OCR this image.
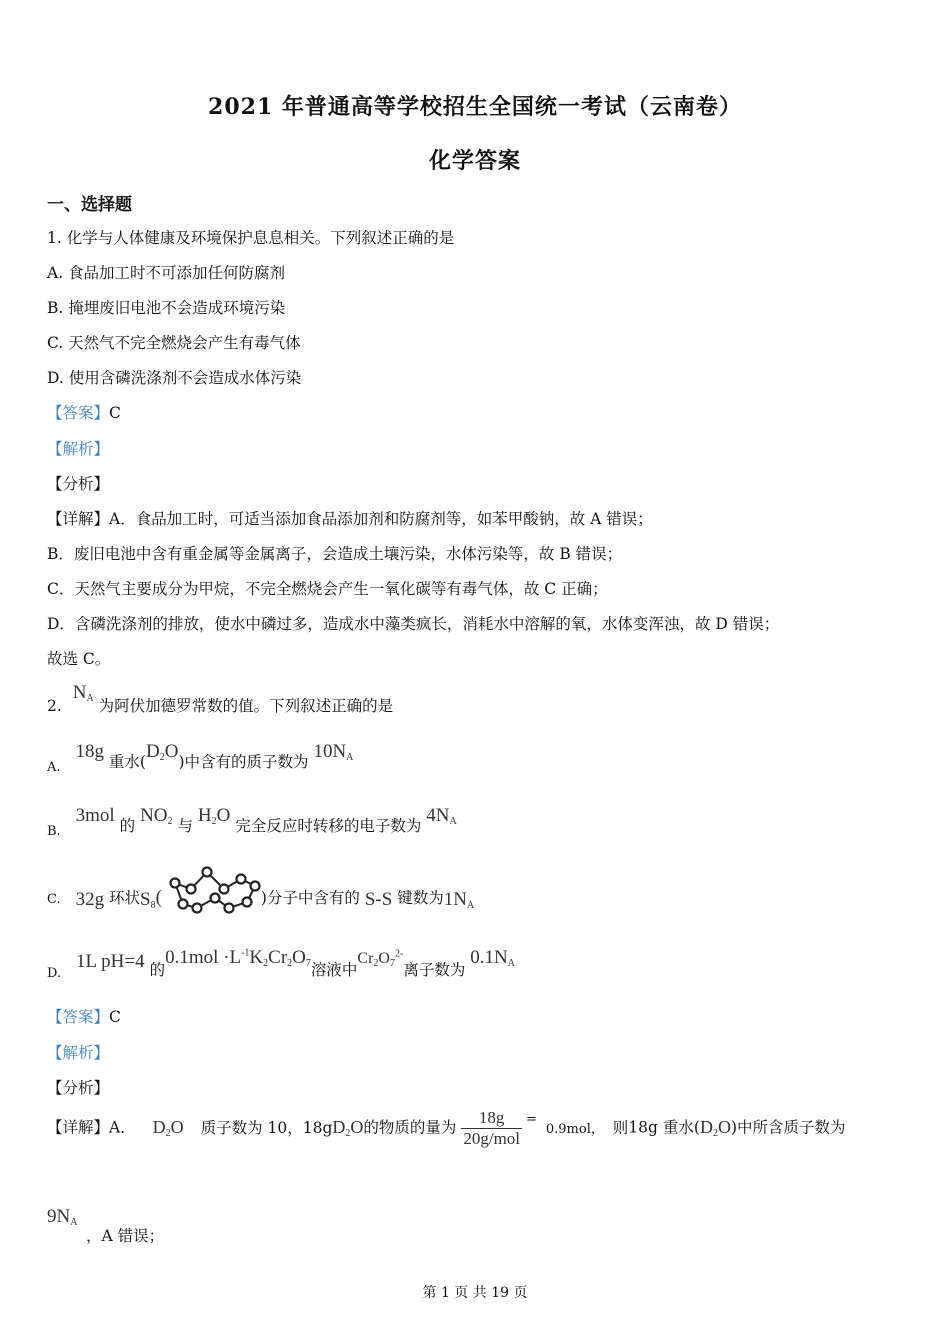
2021 年普通高等学校招生全国统一考试（云南卷）
化学答案
一、选择题
1. 化学与人体健康及环境保护息息相关。下列叙述正确的是
A. 食品加工时不可添加任何防腐剂
B. 掩埋废旧电池不会造成环境污染
C. 天然气不完全燃烧会产生有毒气体
D. 使用含磷洗涤剂不会造成水体污染
【答案】C
【解析】
【分析】
【详解】A．食品加工时，可适当添加食品添加剂和防腐剂等，如苯甲酸钠，故 A 错误；
B．废旧电池中含有重金属等金属离子，会造成土壤污染，水体污染等，故 B 错误；
C．天然气主要成分为甲烷，不完全燃烧会产生一氧化碳等有毒气体，故 C 正确；
D．含磷洗涤剂的排放，使水中磷过多，造成水中藻类疯长，消耗水中溶解的氧，水体变浑浊，故 D 错误；
故选 C。
2. $N_A$ 为阿伏加德罗常数的值。下列叙述正确的是
$_{A.}$ 18g 重水$(D_2O)$中含有的质子数为 $10N_A$
$_{B.}$ 3mol 的 $NO_2$ 与 $H_2O$ 完全反应时转移的电子数为 $4N_A$
$_{C.}$ 32g 环状$S_8$(	)分子中含有的 S-S 键数为$1N_A$
$_{D.}$ 1L pH=4 的$0.1mol \cdot L^{-1}K_2Cr_2O_7$溶液中$Cr_2O_7^{2-}$离子数为 $0.1N_A$
【答案】C
【解析】
【分析】
【详解】A． $D_2O$ 质子数为 10，$18gD_2O$的物质的量为 $\frac{18g}{\text{20g/mol}} ^=$ 0.9mol， 则18g 重水$(D_2O)$中所含质子数为
$9N_A$
，A 错误；
第 1 页 共 19 页
